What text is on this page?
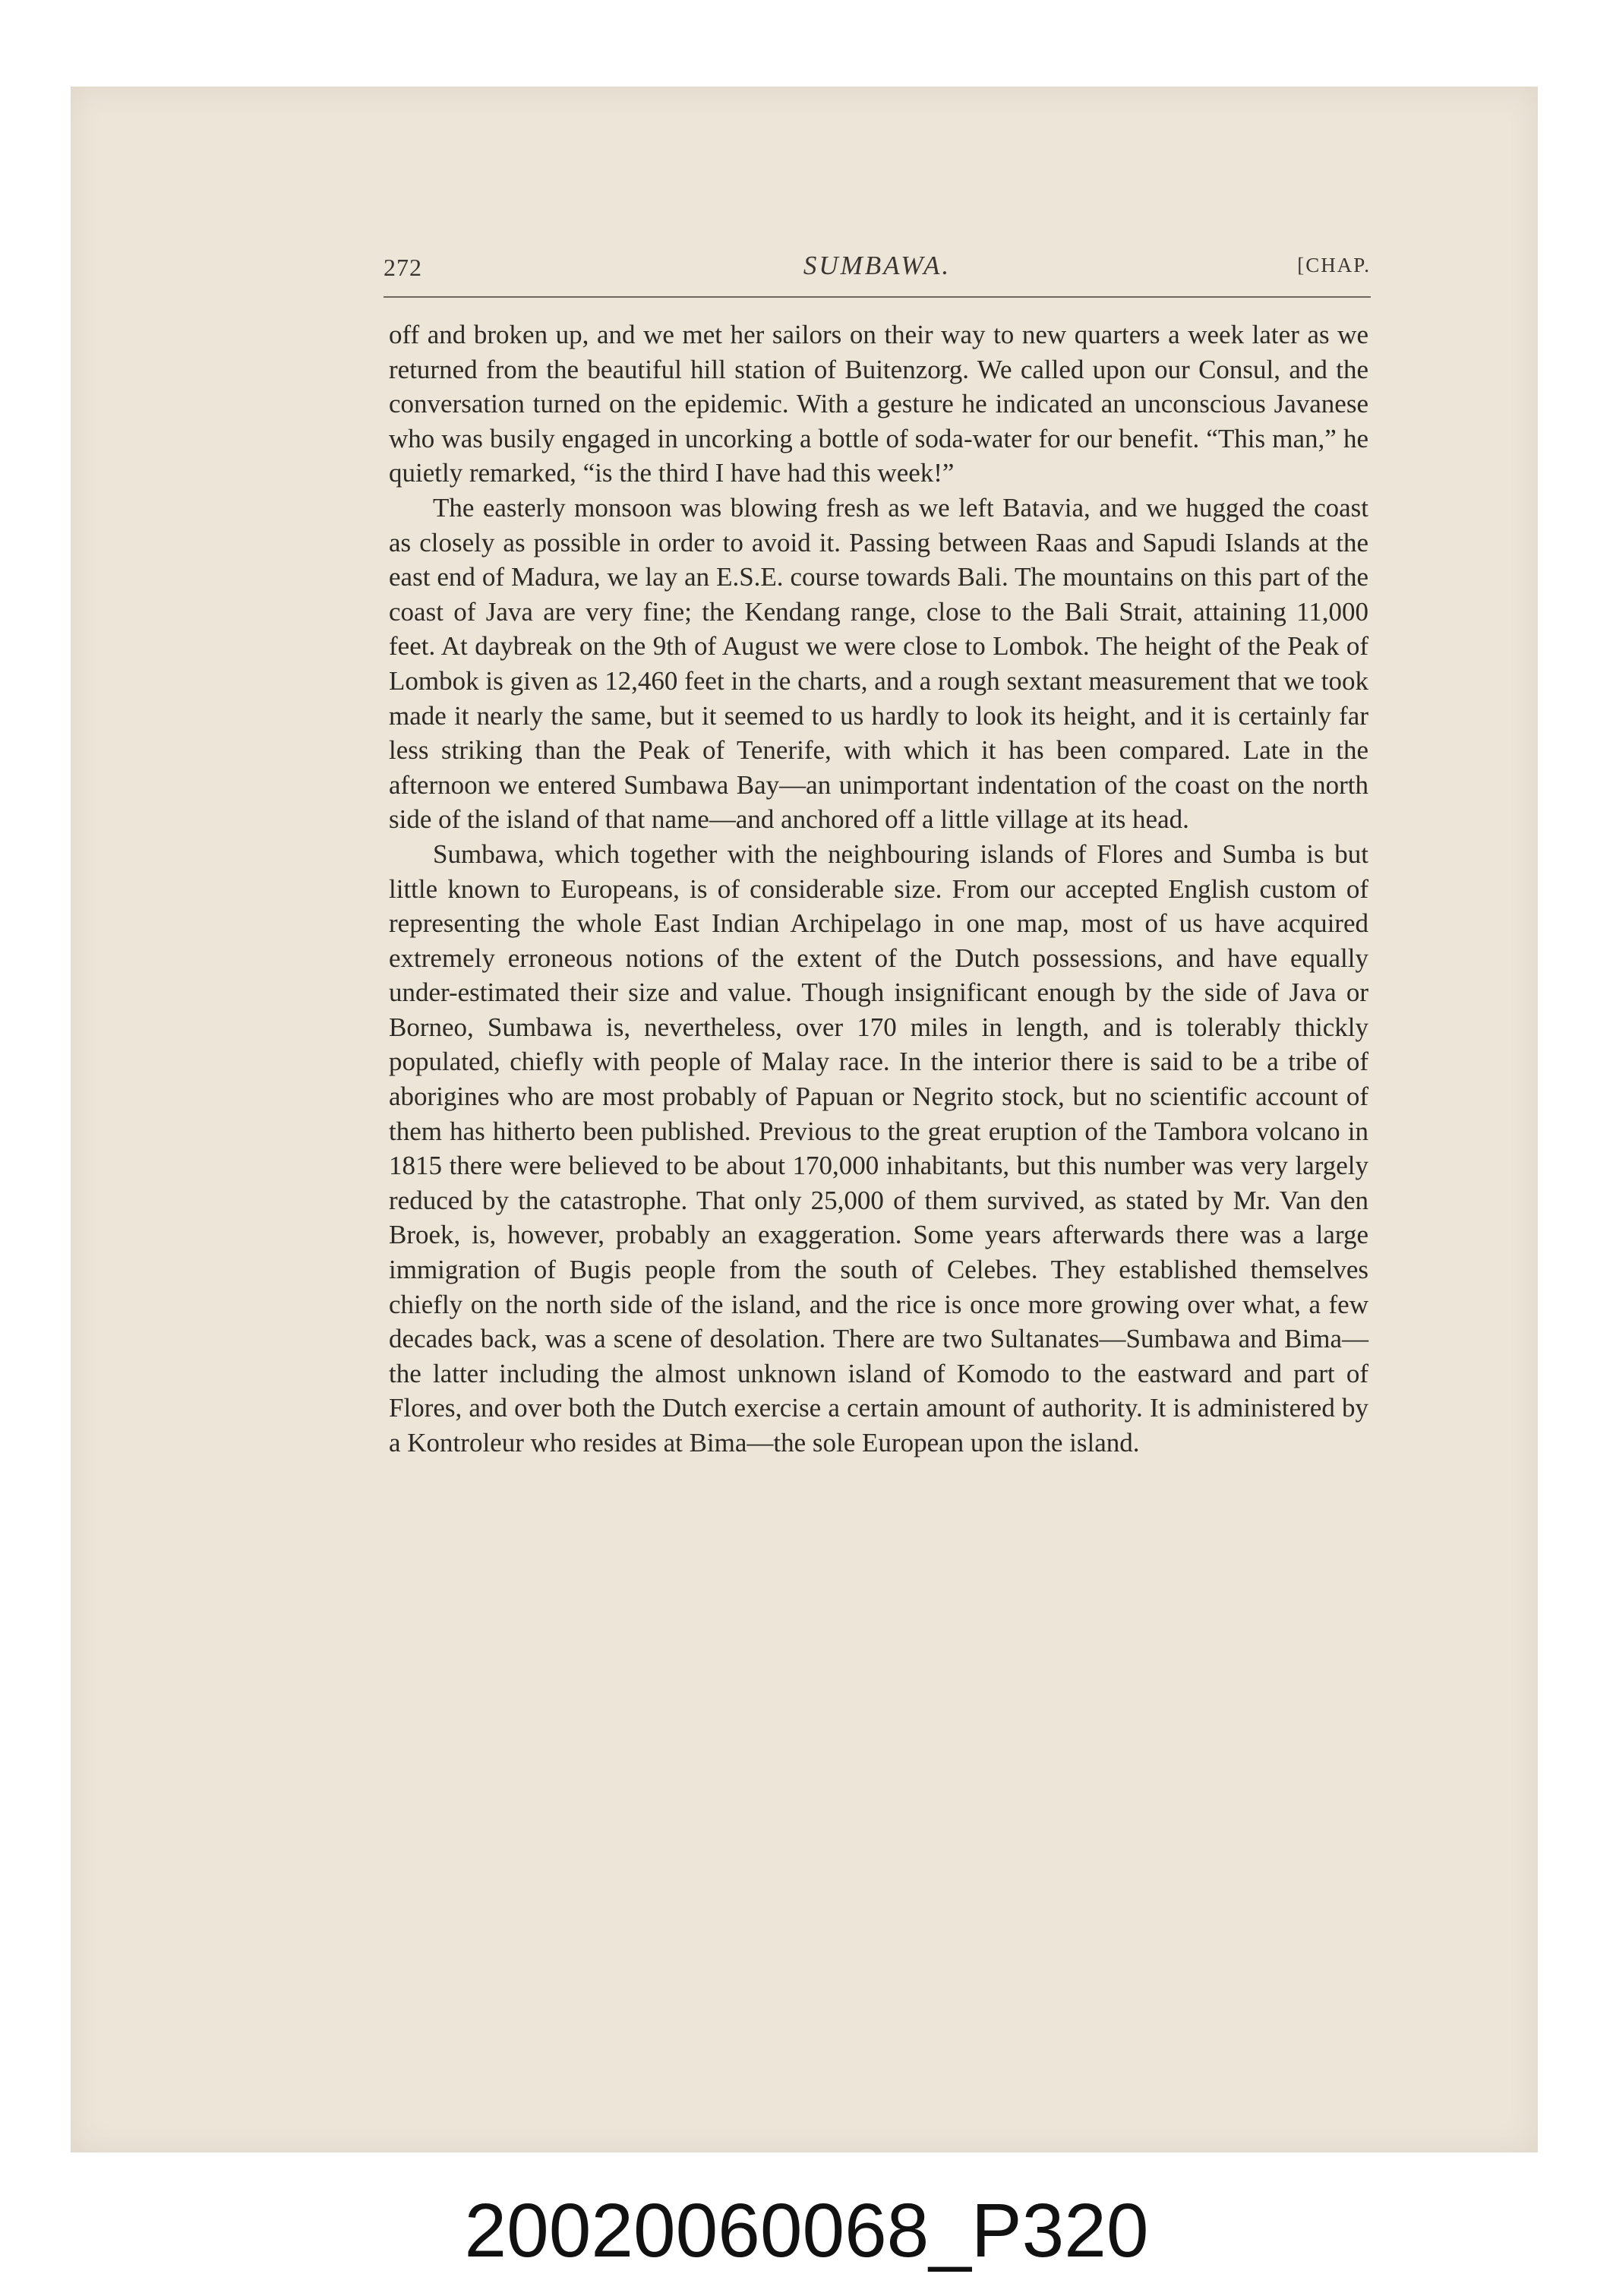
272	SUMBAWA.	[CHAP.

off and broken up, and we met her sailors on their way to new quarters a week later as we returned from the beautiful hill station of Buitenzorg. We called upon our Consul, and the conversation turned on the epidemic. With a gesture he indicated an unconscious Javanese who was busily engaged in uncorking a bottle of soda-water for our benefit. “This man,” he quietly remarked, “is the third I have had this week!”

The easterly monsoon was blowing fresh as we left Batavia, and we hugged the coast as closely as possible in order to avoid it. Passing between Raas and Sapudi Islands at the east end of Madura, we lay an E.S.E. course towards Bali. The mountains on this part of the coast of Java are very fine; the Kendang range, close to the Bali Strait, attaining 11,000 feet. At daybreak on the 9th of August we were close to Lombok. The height of the Peak of Lombok is given as 12,460 feet in the charts, and a rough sextant measurement that we took made it nearly the same, but it seemed to us hardly to look its height, and it is certainly far less striking than the Peak of Tenerife, with which it has been compared. Late in the afternoon we entered Sumbawa Bay—an unimportant indentation of the coast on the north side of the island of that name—and anchored off a little village at its head.

Sumbawa, which together with the neighbouring islands of Flores and Sumba is but little known to Europeans, is of considerable size. From our accepted English custom of representing the whole East Indian Archipelago in one map, most of us have acquired extremely erroneous notions of the extent of the Dutch possessions, and have equally under-estimated their size and value. Though insignificant enough by the side of Java or Borneo, Sumbawa is, nevertheless, over 170 miles in length, and is tolerably thickly populated, chiefly with people of Malay race. In the interior there is said to be a tribe of aborigines who are most probably of Papuan or Negrito stock, but no scientific account of them has hitherto been published. Previous to the great eruption of the Tambora volcano in 1815 there were believed to be about 170,000 inhabitants, but this number was very largely reduced by the catastrophe. That only 25,000 of them survived, as stated by Mr. Van den Broek, is, however, probably an exaggeration. Some years afterwards there was a large immigration of Bugis people from the south of Celebes. They established themselves chiefly on the north side of the island, and the rice is once more growing over what, a few decades back, was a scene of desolation. There are two Sultanates—Sumbawa and Bima—the latter including the almost unknown island of Komodo to the eastward and part of Flores, and over both the Dutch exercise a certain amount of authority. It is administered by a Kontroleur who resides at Bima—the sole European upon the island.

20020060068_P320
